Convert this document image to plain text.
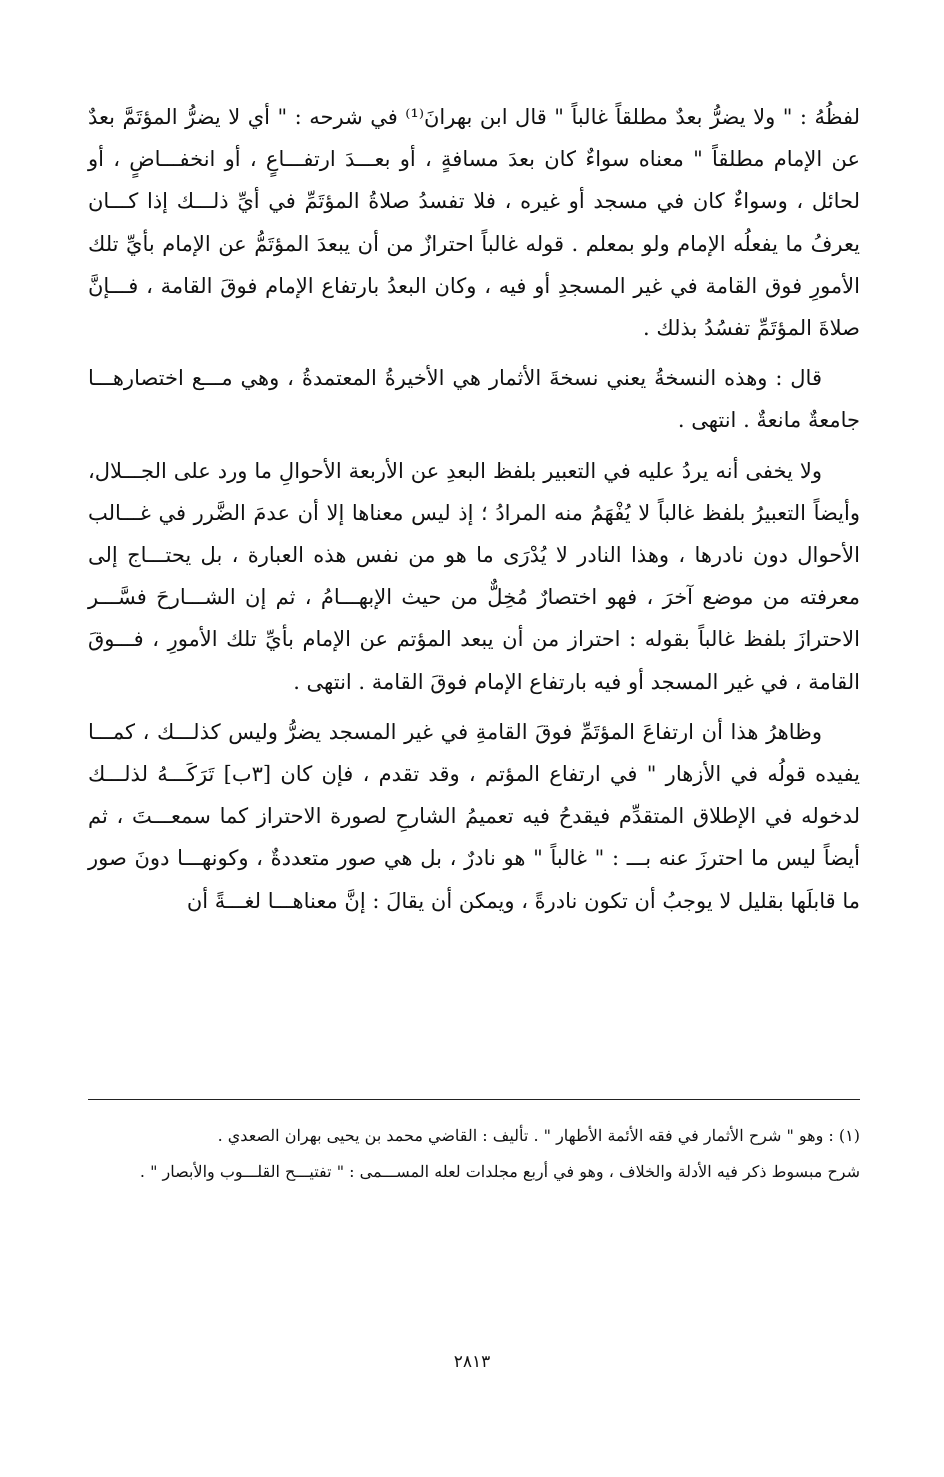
لفظُهُ : " ولا يضرُّ بعدٌ مطلقاً غالباً " قال ابن بهرانَ⁽¹⁾ في شرحه : " أي لا يضرُّ المؤتَمَّ بعدٌ عن الإمام مطلقاً " معناه سواءٌ كان بعدَ مسافةٍ ، أو بعـــدَ ارتفـــاعٍ ، أو انخفـــاضٍ ، أو لحائل ، وسواءٌ كان في مسجد أو غيره ، فلا تفسدُ صلاةُ المؤتَمِّ في أيِّ ذلـــك إذا كـــان يعرفُ ما يفعلُه الإمام ولو بمعلم . قوله غالباً احترازٌ من أن يبعدَ المؤتَمُّ عن الإمام بأيِّ تلك الأمورِ فوق القامة في غير المسجدِ أو فيه ، وكان البعدُ بارتفاع الإمام فوقَ القامة ، فـــإنَّ صلاةَ المؤتَمِّ تفسُدُ بذلك .

قال : وهذه النسخةُ يعني نسخةَ الأثمار هي الأخيرةُ المعتمدةُ ، وهي مـــع اختصارهـــا جامعةٌ مانعةٌ . انتهى .

ولا يخفى أنه يردُ عليه في التعبير بلفظ البعدِ عن الأربعة الأحوالِ ما ورد على الجـــلال، وأيضاً التعبيرُ بلفظ غالباً لا يُفْهَمُ منه المرادُ ؛ إذ ليس معناها إلا أن عدمَ الضَّرر في غـــالب الأحوال دون نادرها ، وهذا النادر لا يُدْرَى ما هو من نفس هذه العبارة ، بل يحتـــاج إلى معرفته من موضع آخرَ ، فهو اختصارٌ مُخِلٌّ من حيث الإبهـــامُ ، ثم إن الشـــارحَ فسَّـــر الاحترازَ بلفظ غالباً بقوله : احتراز من أن يبعد المؤتم عن الإمام بأيِّ تلك الأمورِ ، فـــوقَ القامة ، في غير المسجد أو فيه بارتفاع الإمام فوقَ القامة . انتهى .

وظاهرُ هذا أن ارتفاعَ المؤتَمِّ فوقَ القامةِ في غير المسجد يضرُّ وليس كذلـــك ، كمـــا يفيده قولُه في الأزهار " في ارتفاع المؤتم ، وقد تقدم ، فإن كان [٣ب] تَرَكَـــهُ لذلـــك لدخوله في الإطلاق المتقدِّم فيقدحُ فيه تعميمُ الشارحِ لصورة الاحتراز كما سمعـــتَ ، ثم أيضاً ليس ما احترزَ عنه بـــ : " غالباً " هو نادرٌ ، بل هي صور متعددةٌ ، وكونهـــا دونَ صور ما قابلَها بقليل لا يوجبُ أن تكون نادرةً ، ويمكن أن يقالَ : إنَّ معناهـــا لغـــةً أن

(١) : وهو " شرح الأثمار في فقه الأئمة الأطهار " . تأليف : القاضي محمد بن يحيى بهران الصعدي .

شرح مبسوط ذكر فيه الأدلة والخلاف ، وهو في أربع مجلدات لعله المســـمى : " تفتيـــح القلـــوب والأبصار " .

٢٨١٣
